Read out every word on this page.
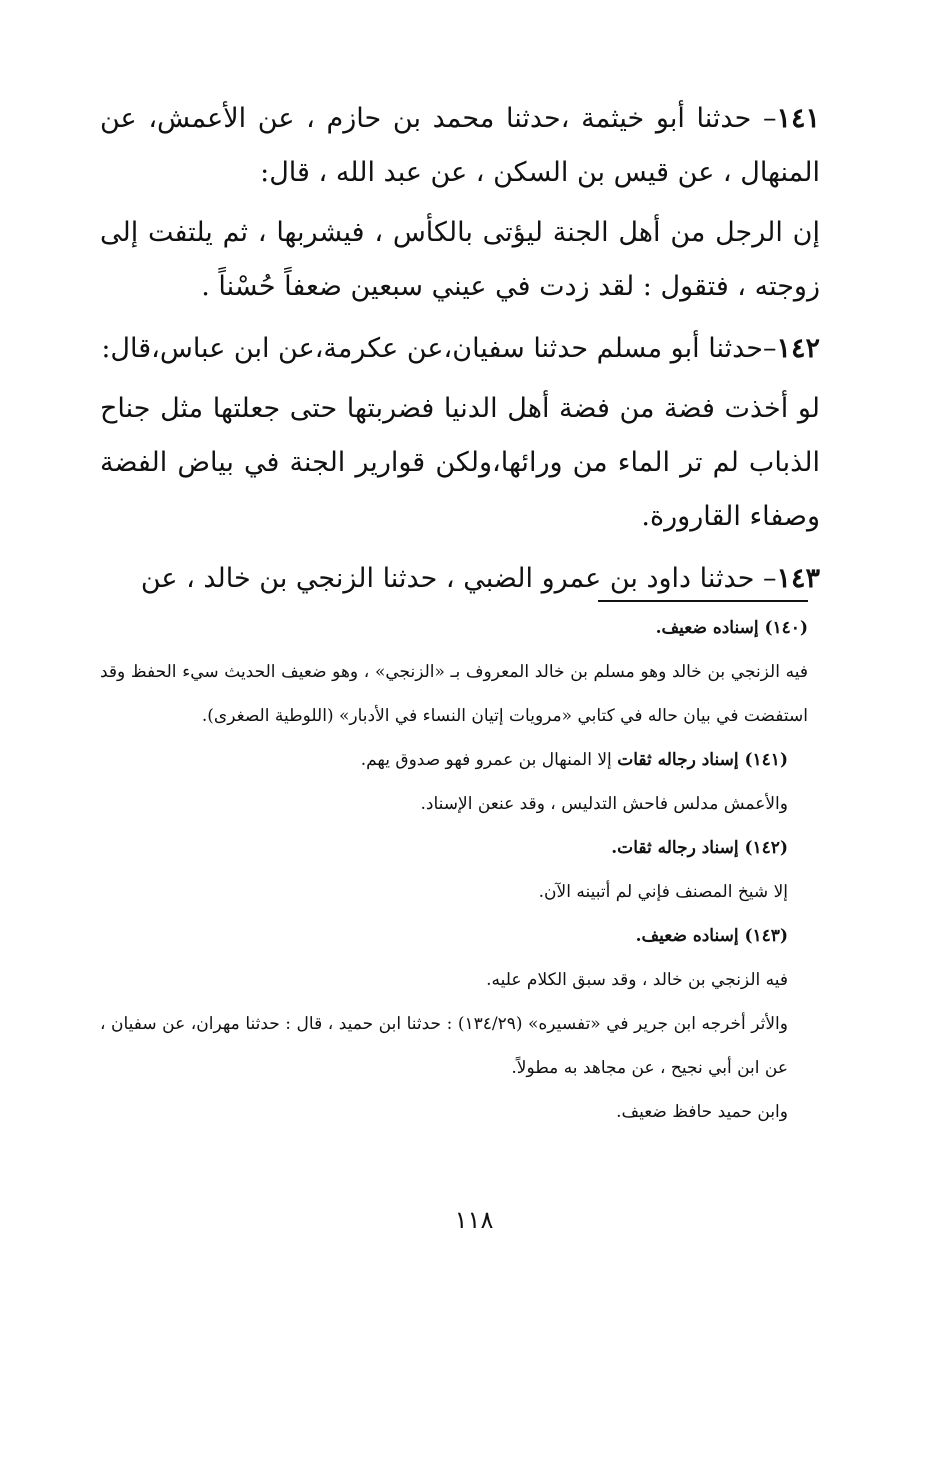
١٤١– حدثنا أبو خيثمة ،حدثنا محمد بن حازم ، عن الأعمش، عن المنهال ، عن قيس بن السكن ، عن عبد الله ، قال:

إن الرجل من أهل الجنة ليؤتى بالكأس ، فيشربها ، ثم يلتفت إلى زوجته ، فتقول : لقد زدت في عيني سبعين ضعفاً حُسْناً .

١٤٢–حدثنا أبو مسلم حدثنا سفيان،عن عكرمة،عن ابن عباس،قال:

لو أخذت فضة من فضة أهل الدنيا فضربتها حتى جعلتها مثل جناح الذباب لم تر الماء من ورائها،ولكن قوارير الجنة في بياض الفضة وصفاء القارورة.

١٤٣– حدثنا داود بن عمرو الضبي ، حدثنا الزنجي بن خالد ، عن

(١٤٠) إسناده ضعيف.

فيه الزنجي بن خالد وهو مسلم بن خالد المعروف بـ «الزنجي» ، وهو ضعيف الحديث سيء الحفظ وقد استفضت في بيان حاله في كتابي «مرويات إتيان النساء في الأدبار» (اللوطية الصغرى).

(١٤١) إسناد رجاله ثقات إلا المنهال بن عمرو فهو صدوق يهم.

والأعمش مدلس فاحش التدليس ، وقد عنعن الإسناد.

(١٤٢) إسناد رجاله ثقات.

إلا شيخ المصنف فإني لم أتبينه الآن.

(١٤٣) إسناده ضعيف.

فيه الزنجي بن خالد ، وقد سبق الكلام عليه.

والأثر أخرجه ابن جرير في «تفسيره» (١٣٤/٢٩) : حدثنا ابن حميد ، قال : حدثنا مهران، عن سفيان ، عن ابن أبي نجيح ، عن مجاهد به مطولاً.

وابن حميد حافظ ضعيف.

١١٨
